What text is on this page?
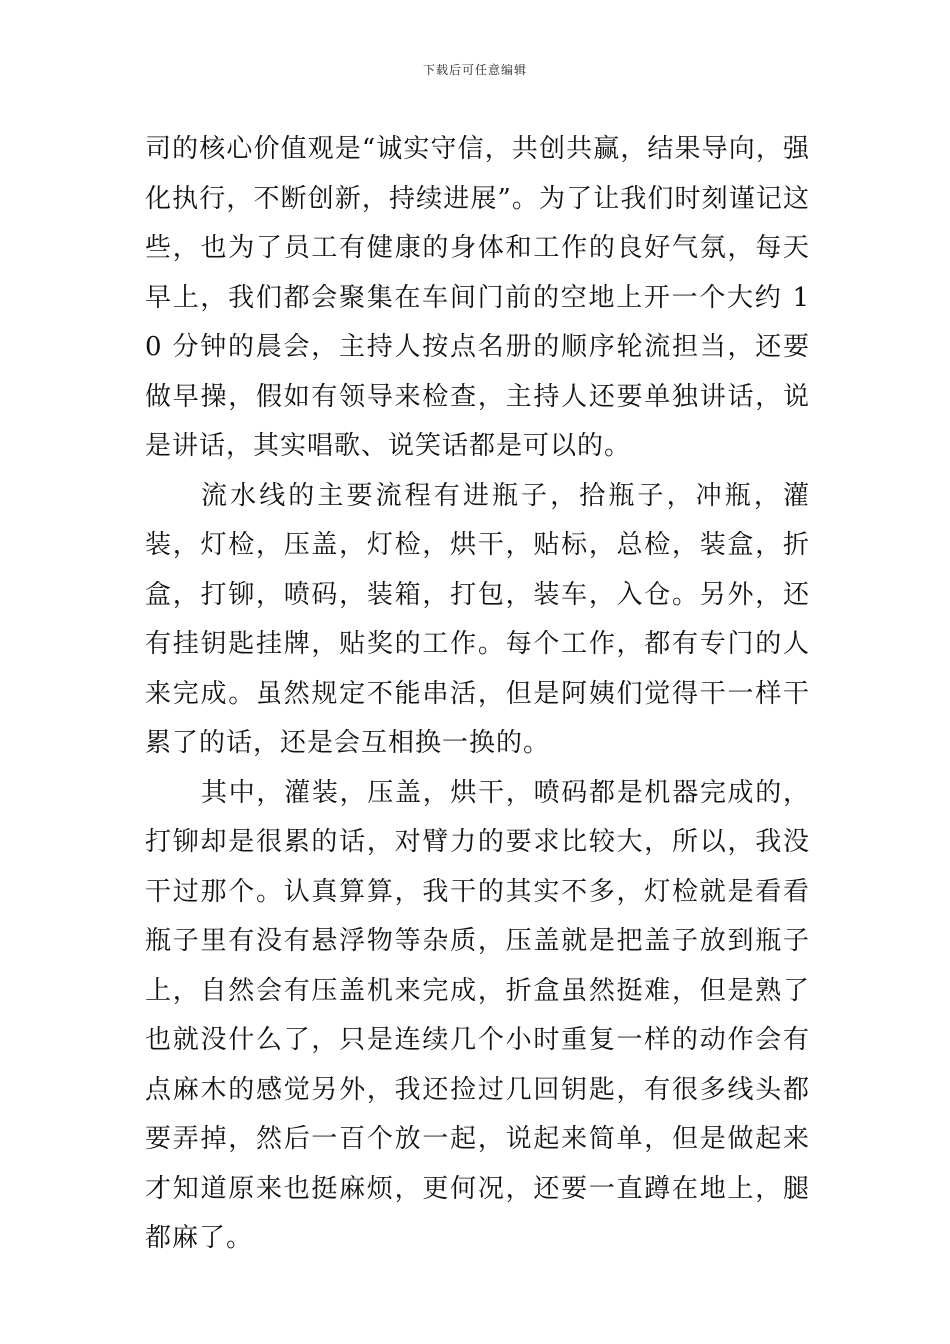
下载后可任意编辑

司的核心价值观是“诚实守信，共创共赢，结果导向，强化执行，不断创新，持续进展”。为了让我们时刻谨记这些，也为了员工有健康的身体和工作的良好气氛，每天早上，我们都会聚集在车间门前的空地上开一个大约 10 分钟的晨会，主持人按点名册的顺序轮流担当，还要做早操，假如有领导来检查，主持人还要单独讲话，说是讲话，其实唱歌、说笑话都是可以的。

流水线的主要流程有进瓶子，拾瓶子，冲瓶，灌装，灯检，压盖，灯检，烘干，贴标，总检，装盒，折盒，打铆，喷码，装箱，打包，装车，入仓。另外，还有挂钥匙挂牌，贴奖的工作。每个工作，都有专门的人来完成。虽然规定不能串活，但是阿姨们觉得干一样干累了的话，还是会互相换一换的。

其中，灌装，压盖，烘干，喷码都是机器完成的，打铆却是很累的话，对臂力的要求比较大，所以，我没干过那个。认真算算，我干的其实不多，灯检就是看看瓶子里有没有悬浮物等杂质，压盖就是把盖子放到瓶子上，自然会有压盖机来完成，折盒虽然挺难，但是熟了也就没什么了，只是连续几个小时重复一样的动作会有点麻木的感觉另外，我还捡过几回钥匙，有很多线头都要弄掉，然后一百个放一起，说起来简单，但是做起来才知道原来也挺麻烦，更何况，还要一直蹲在地上，腿都麻了。
